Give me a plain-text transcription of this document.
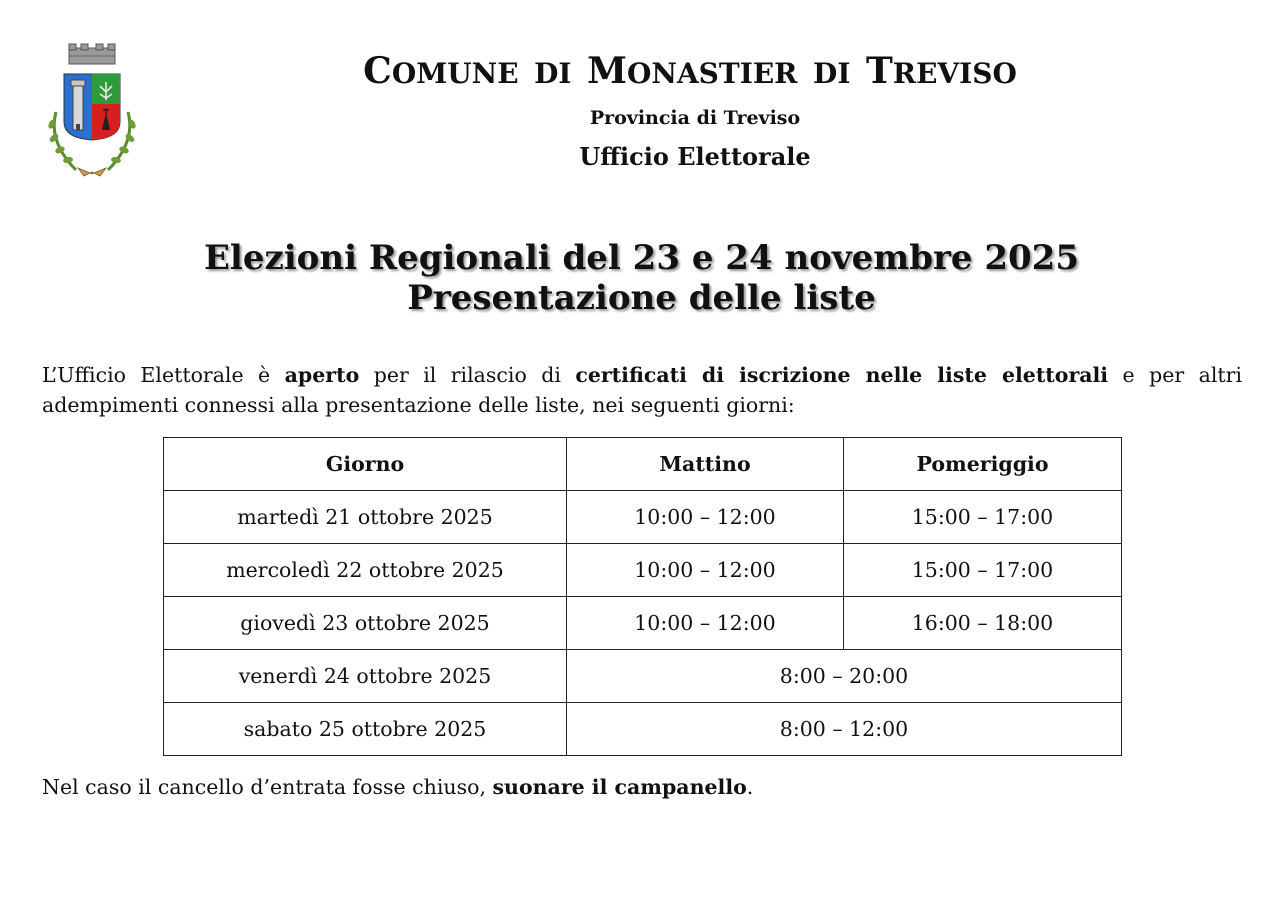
COMUNE DI MONASTIER DI TREVISO
Provincia di Treviso
Ufficio Elettorale
Elezioni Regionali del 23 e 24 novembre 2025
Presentazione delle liste
L’Ufficio Elettorale è aperto per il rilascio di certificati di iscrizione nelle liste elettorali e per altri adempimenti connessi alla presentazione delle liste, nei seguenti giorni:
Giorno	Mattino	Pomeriggio
martedì 21 ottobre 2025	10:00 – 12:00	15:00 – 17:00
mercoledì 22 ottobre 2025	10:00 – 12:00	15:00 – 17:00
giovedì 23 ottobre 2025	10:00 – 12:00	16:00 – 18:00
venerdì 24 ottobre 2025	8:00 – 20:00	
sabato 25 ottobre 2025	8:00 – 12:00	
Nel caso il cancello d’entrata fosse chiuso, suonare il campanello.
